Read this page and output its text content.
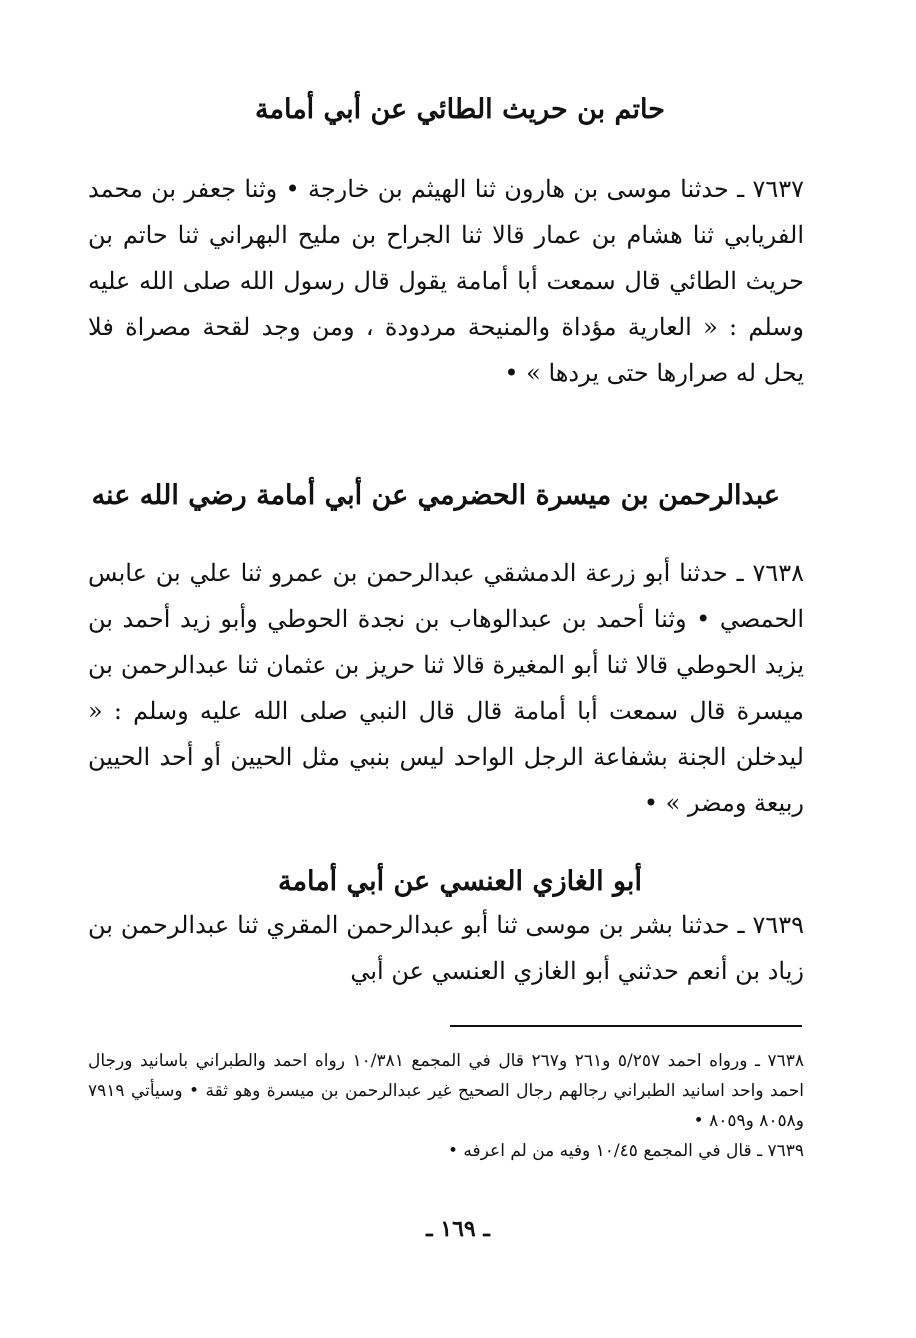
حاتم بن حريث الطائي عن أبي أمامة

٧٦٣٧ ـ حدثنا موسى بن هارون ثنا الهيثم بن خارجة • وثنا جعفر بن محمد الفريابي ثنا هشام بن عمار قالا ثنا الجراح بن مليح البهراني ثنا حاتم بن حريث الطائي قال سمعت أبا أمامة يقول قال رسول الله صلى الله عليه وسلم : « العارية مؤداة والمنيحة مردودة ، ومن وجد لقحة مصراة فلا يحل له صرارها حتى يردها » •

عبدالرحمن بن ميسرة الحضرمي عن أبي أمامة رضي الله عنه

٧٦٣٨ ـ حدثنا أبو زرعة الدمشقي عبدالرحمن بن عمرو ثنا علي بن عابس الحمصي • وثنا أحمد بن عبدالوهاب بن نجدة الحوطي وأبو زيد أحمد بن يزيد الحوطي قالا ثنا أبو المغيرة قالا ثنا حريز بن عثمان ثنا عبدالرحمن بن ميسرة قال سمعت أبا أمامة قال قال النبي صلى الله عليه وسلم : « ليدخلن الجنة بشفاعة الرجل الواحد ليس بنبي مثل الحيين أو أحد الحيين ربيعة ومضر » •

أبو الغازي العنسي عن أبي أمامة

٧٦٣٩ ـ حدثنا بشر بن موسى ثنا أبو عبدالرحمن المقري ثنا عبدالرحمن بن زياد بن أنعم حدثني أبو الغازي العنسي عن أبي

٧٦٣٨ ـ ورواه احمد ٥/٢٥٧ و٢٦١ و٢٦٧ قال في المجمع ١٠/٣٨١ رواه احمد والطبراني باسانيد ورجال احمد واحد اسانيد الطبراني رجالهم رجال الصحيح غير عبدالرحمن بن ميسرة وهو ثقة • وسيأتي ٧٩١٩ و٨٠٥٨ و٨٠٥٩ •

٧٦٣٩ ـ قال في المجمع ١٠/٤٥ وفيه من لم اعرفه •

ـ ١٦٩ ـ
